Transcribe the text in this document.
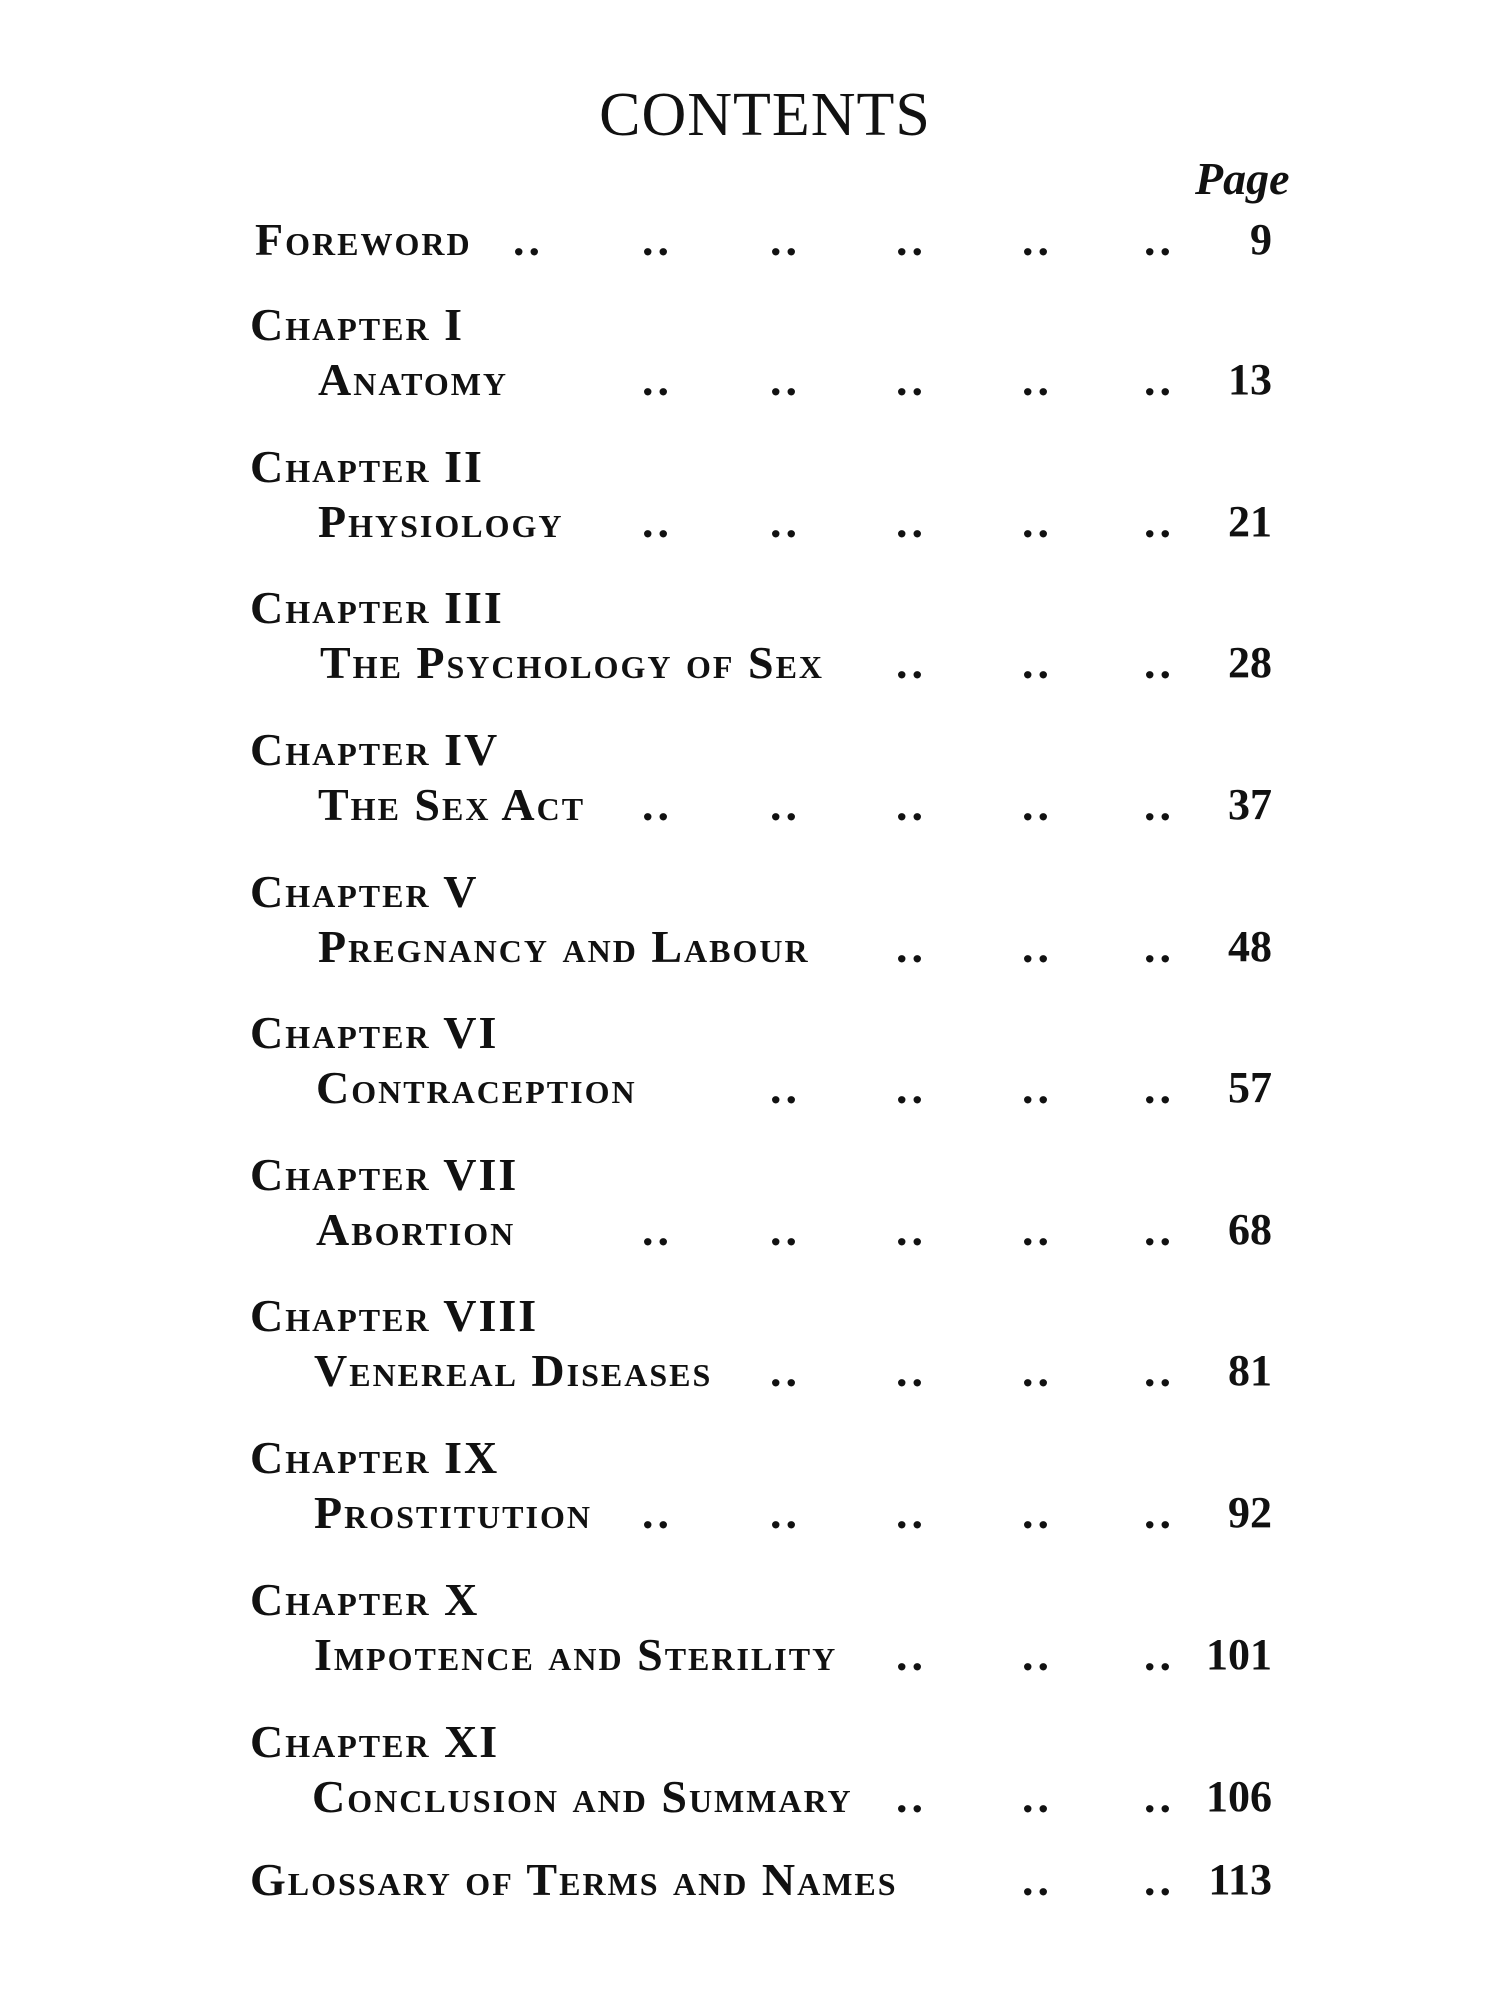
CONTENTS
Page
Foreword	9
Chapter I
Anatomy	13
Chapter II
Physiology	21
Chapter III
The Psychology of Sex	28
Chapter IV
The Sex Act	37
Chapter V
Pregnancy and Labour	48
Chapter VI
Contraception	57
Chapter VII
Abortion	68
Chapter VIII
Venereal Diseases	81
Chapter IX
Prostitution	92
Chapter X
Impotence and Sterility	101
Chapter XI
Conclusion and Summary	106
Glossary of Terms and Names	113
.. .. .. .. .. ..
.. .. .. .. ..
.. .. .. .. ..
.. .. ..
.. .. .. .. ..
.. .. ..
.. .. .. ..
.. .. .. .. ..
.. .. .. ..
.. .. .. .. ..
.. .. ..
.. .. ..
.. ..
